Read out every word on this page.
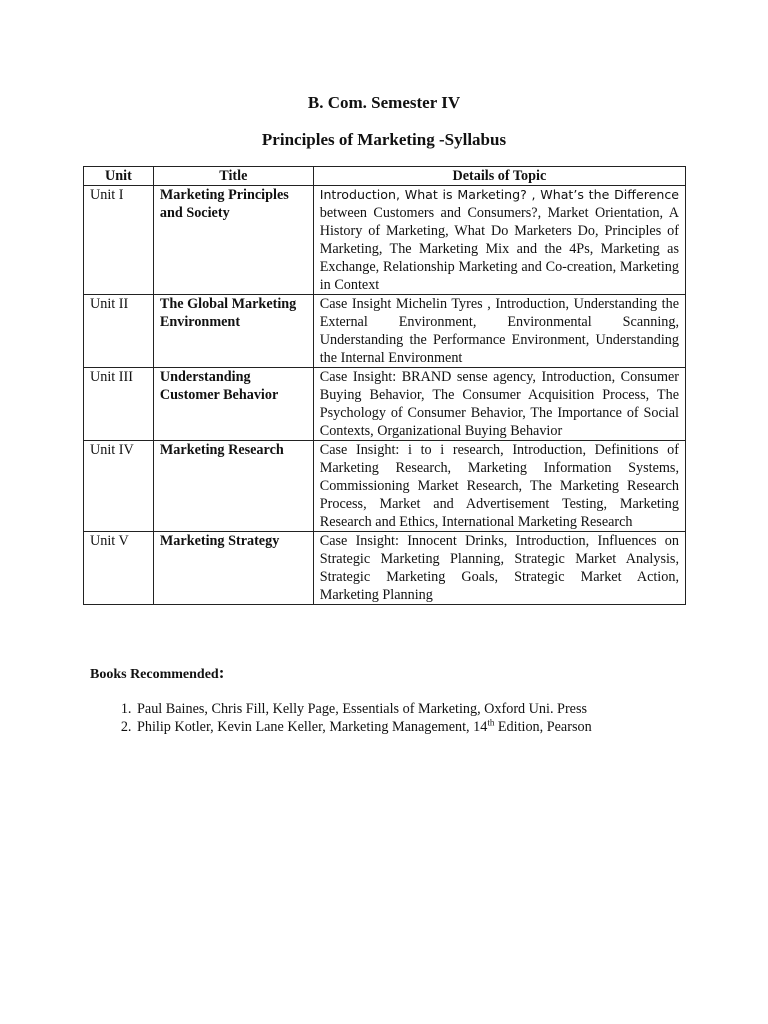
B. Com. Semester IV
Principles of Marketing -Syllabus
Unit	Title	Details of Topic
Unit I	Marketing Principles and Society	Introduction, What is Marketing? , What’s the Difference between Customers and Consumers?, Market Orientation, A History of Marketing, What Do Marketers Do, Principles of Marketing, The Marketing Mix and the 4Ps, Marketing as Exchange, Relationship Marketing and Co-creation, Marketing in Context
Unit II	The Global Marketing Environment	Case Insight Michelin Tyres , Introduction, Understanding the External Environment, Environmental Scanning, Understanding the Performance Environment, Understanding the Internal Environment
Unit III	Understanding Customer Behavior	Case Insight: BRAND sense agency, Introduction, Consumer Buying Behavior, The Consumer Acquisition Process, The Psychology of Consumer Behavior, The Importance of Social Contexts, Organizational Buying Behavior
Unit IV	Marketing Research	Case Insight: i to i research, Introduction, Definitions of Marketing Research, Marketing Information Systems, Commissioning Market Research, The Marketing Research Process, Market and Advertisement Testing, Marketing Research and Ethics, International Marketing Research
Unit V	Marketing Strategy	Case Insight: Innocent Drinks, Introduction, Influences on Strategic Marketing Planning, Strategic Market Analysis, Strategic Marketing Goals, Strategic Market Action, Marketing Planning
Books Recommended:
1. Paul Baines, Chris Fill, Kelly Page, Essentials of Marketing, Oxford Uni. Press
2. Philip Kotler, Kevin Lane Keller, Marketing Management, 14th Edition, Pearson
